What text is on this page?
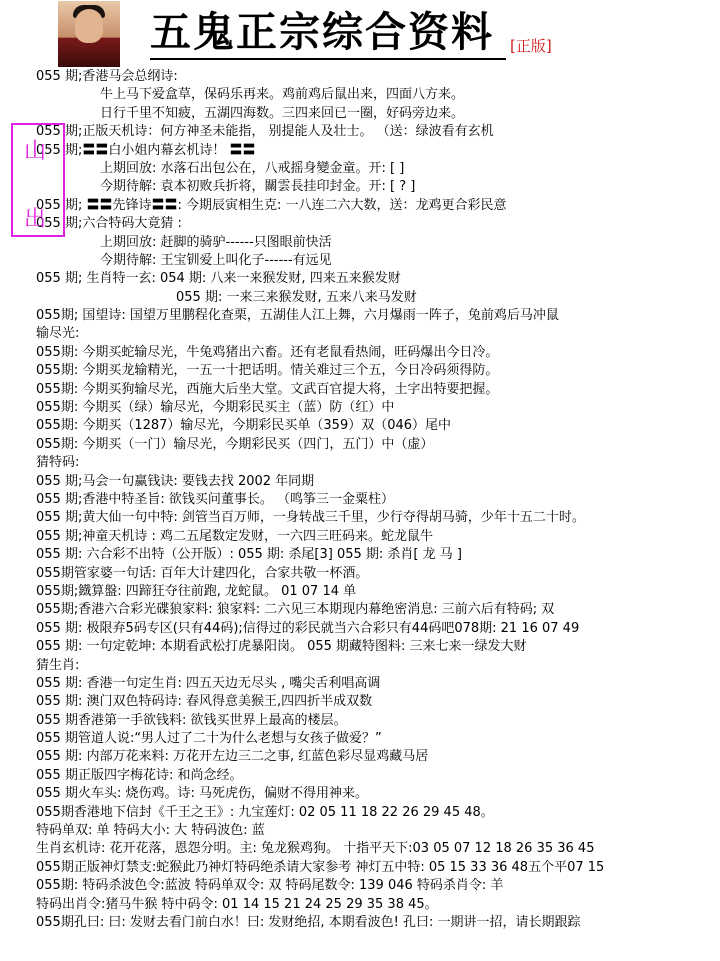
五鬼正宗综合资料 [正版]
055 期;香港马会总纲诗:
牛上马下爱盒草，保码乐再来。鸡前鸡后鼠出来，四面八方来。
日行千里不知疲，五湖四海数。三四来回已一圈，好码旁边来。
055 期;正版天机诗：何方神圣未能指， 别提能人及壮士。 （送：绿波看有玄机
055 期;〓〓白小姐内幕玄机诗！ 〓〓
上期回放: 水落石出包公在，八戒摇身變金童。开: [ ]
今期待解: 袁本初败兵折将，關雲長挂印封金。开: [ ? ]
055 期; 〓〓先锋诗〓〓: 今期辰寅相生克: 一八连二六大数，送：龙鸡更合彩民意
055 期;六合特码大竟猜 :
上期回放: 赶脚的骑驴------只图眼前快活
今期待解: 王宝钏爱上叫化子------有远见
055 期; 生肖特一玄: 054 期: 八来一来猴发财, 四来五来猴发财
055 期: 一来三来猴发财, 五来八来马发财
055期; 国望诗: 国望万里鹏程化查栗，五湖佳人江上舞，六月爆雨一阵子，兔前鸡后马冲鼠
输尽光:
055期: 今期买蛇输尽光，牛兔鸡猪出六畜。还有老鼠看热闹，旺码爆出今日冷。
055期: 今期买龙输精光，一五一十把话明。情关难过三个五，今日冷码须得防。
055期: 今期买狗输尽光，西施大后坐大堂。文武百官提大将，土字出特要把握。
055期: 今期买（绿）输尽光，今期彩民买主（蓝）防（红）中
055期: 今期买（1287）输尽光，今期彩民买单（359）双（046）尾中
055期: 今期买（一门）输尽光，今期彩民买（四门，五门）中（虚）
猜特码:
055 期;马会一句赢钱诀: 要钱去找 2002 年同期
055 期;香港中特圣旨: 欲钱买问董事长。 （鸣筝三一金粟柱）
055 期;黄大仙一句中特: 剑管当百万师，一身转战三千里，少行夺得胡马骑，少年十五二十时。
055 期;神童天机诗 : 鸡二五尾数定发财，一六四三旺码来。蛇龙鼠牛
055 期: 六合彩不出特（公开版）: 055 期: 杀尾[3] 055 期: 杀肖[ 龙 马 ]
055期管家婆一句话: 百年大计建四化，合家共敬一杯酒。
055期;鐡算盤: 四蹄狂夺往前跑, 龙蛇鼠。 01 07 14 单
055期;香港六合彩光碟狼家料: 狼家料: 二六见三本期现内幕绝密消息: 三前六后有特码; 双
055 期: 极限弃5码专区(只有44码);信得过的彩民就当六合彩只有44码吧078期: 21 16 07 49
055 期: 一句定乾坤: 本期看武松打虎暴阳岗。 055 期藏特图料: 三来七来一绿发大财
猜生肖:
055 期: 香港一句定生肖: 四五天边无尽头 , 嘴尖舌利唱高调
055 期: 澳门双色特码诗: 春风得意美猴王,四四折半成双数
055 期香港第一手欲钱料: 欲钱买世界上最高的楼层。
055 期管道人说:“男人过了二十为什么老想与女孩子做爱？”
055 期: 内部万花来料: 万花开左边三二之事, 红蓝色彩尽显鸡藏马居
055 期正版四字梅花诗: 和尚念经。
055 期火车头: 烧伤鸡。诗: 马死虎伤，偏财不得用神来。
055期香港地下信封《千王之王》: 九宝莲灯: 02 05 11 18 22 26 29 45 48。
特码单双: 单 特码大小: 大 特码波色: 蓝
生肖玄机诗: 花开花落，恩怨分明。主: 兔龙猴鸡狗。 十指平天下:03 05 07 12 18 26 35 36 45
055期正版神灯禁支:蛇猴此乃神灯特码绝杀请大家参考 神灯五中特: 05 15 33 36 48五个平07 15
055期: 特码杀波色令:蓝波 特码单双令: 双 特码尾数令: 139 046 特码杀肖令: 羊
特码出肖令:猪马牛猴 特中码令: 01 14 15 21 24 25 29 35 38 45。
055期孔曰: 曰: 发财去看门前白水！曰: 发财绝招, 本期看波色! 孔曰: 一期讲一招，请长期跟踪
山
出
